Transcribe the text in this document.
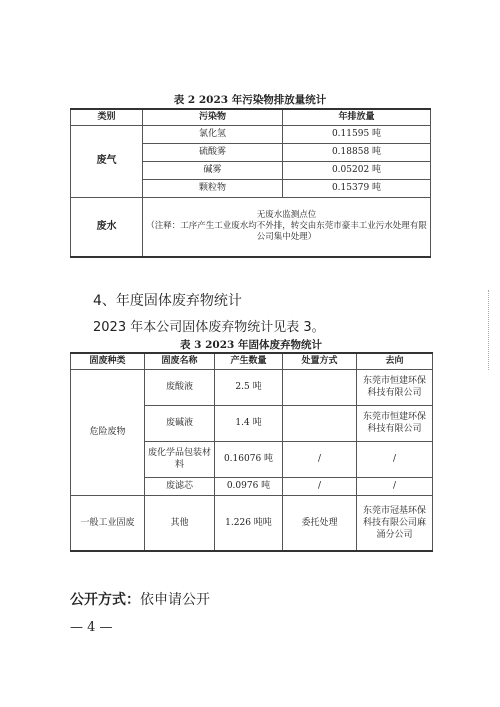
表 2 2023 年污染物排放量统计
类别	污染物	年排放量
废气	氯化氢	0.11595 吨
	硫酸雾	0.18858 吨
	碱雾	0.05202 吨
	颗粒物	0.15379 吨
废水	无废水监测点位
（注释：工序产生工业废水均不外排，转交由东莞市豪丰工业污水处理有限
公司集中处理）	
4、年度固体废弃物统计
2023 年本公司固体废弃物统计见表 3。
表 3 2023 年固体废弃物统计
固废种类	固废名称	产生数量	处置方式	去向
危险废物	废酸液	2.5 吨		东莞市恒建环保科技有限公司
	废碱液	1.4 吨		东莞市恒建环保科技有限公司
	废化学品包装材料	0.16076 吨	/	/
	废滤芯	0.0976 吨	/	/
一般工业固废	其他	1.226 吨吨	委托处理	东莞市冠基环保科技有限公司麻涌分公司
公开方式：依申请公开
— 4 —
